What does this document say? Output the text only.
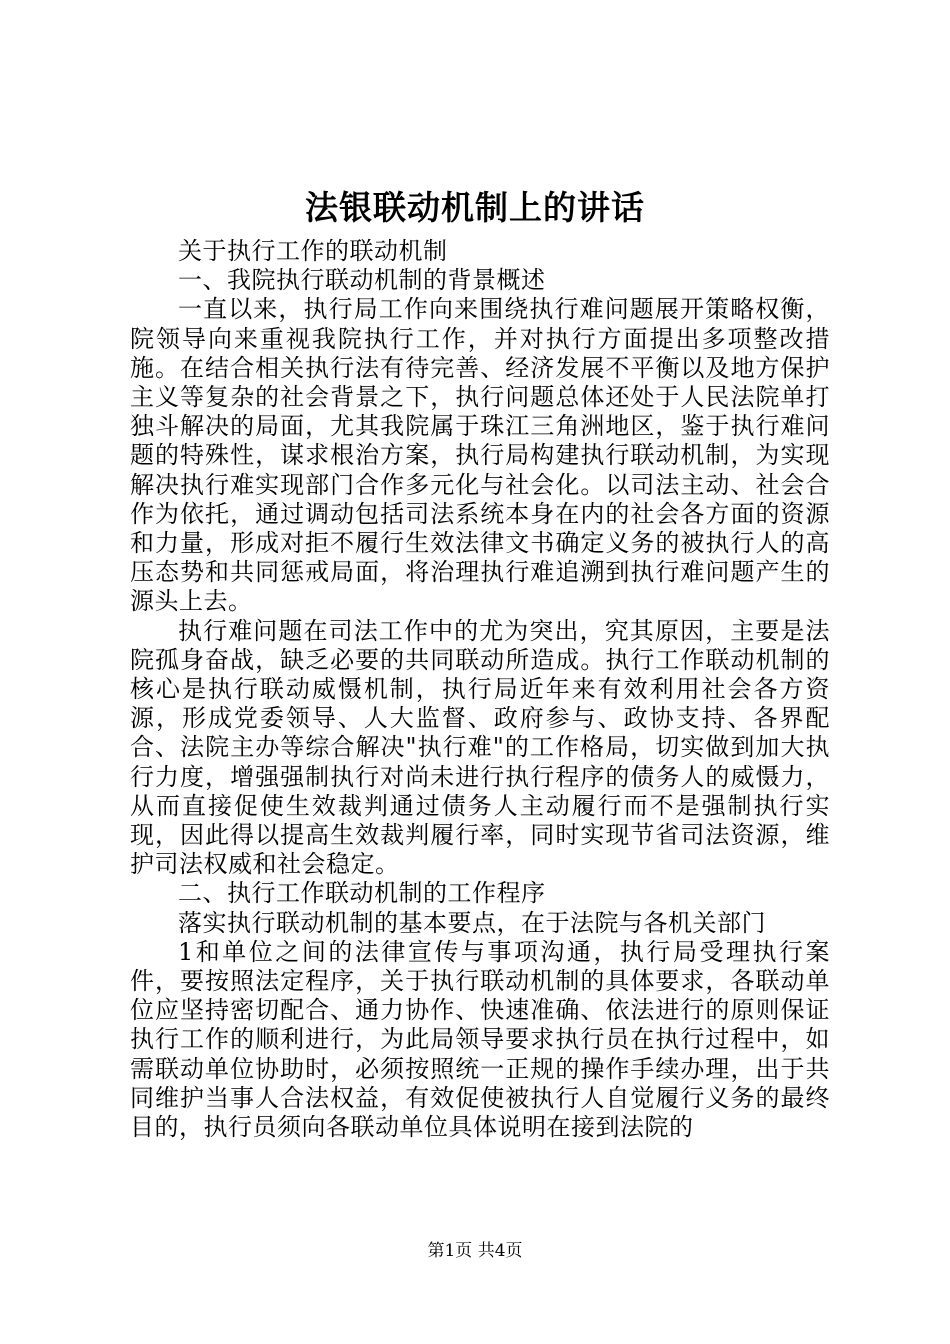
法银联动机制上的讲话

关于执行工作的联动机制

一、我院执行联动机制的背景概述

一直以来，执行局工作向来围绕执行难问题展开策略权衡，院领导向来重视我院执行工作，并对执行方面提出多项整改措施。在结合相关执行法有待完善、经济发展不平衡以及地方保护主义等复杂的社会背景之下，执行问题总体还处于人民法院单打独斗解决的局面，尤其我院属于珠江三角洲地区，鉴于执行难问题的特殊性，谋求根治方案，执行局构建执行联动机制，为实现解决执行难实现部门合作多元化与社会化。以司法主动、社会合作为依托，通过调动包括司法系统本身在内的社会各方面的资源和力量，形成对拒不履行生效法律文书确定义务的被执行人的高压态势和共同惩戒局面，将治理执行难追溯到执行难问题产生的源头上去。

执行难问题在司法工作中的尤为突出，究其原因，主要是法院孤身奋战，缺乏必要的共同联动所造成。执行工作联动机制的核心是执行联动威慑机制，执行局近年来有效利用社会各方资源，形成党委领导、人大监督、政府参与、政协支持、各界配合、法院主办等综合解决"执行难"的工作格局，切实做到加大执行力度，增强强制执行对尚未进行执行程序的债务人的威慑力，从而直接促使生效裁判通过债务人主动履行而不是强制执行实现，因此得以提高生效裁判履行率，同时实现节省司法资源，维护司法权威和社会稳定。

二、执行工作联动机制的工作程序

落实执行联动机制的基本要点，在于法院与各机关部门

1和单位之间的法律宣传与事项沟通，执行局受理执行案件，要按照法定程序，关于执行联动机制的具体要求，各联动单位应坚持密切配合、通力协作、快速准确、依法进行的原则保证执行工作的顺利进行，为此局领导要求执行员在执行过程中，如需联动单位协助时，必须按照统一正规的操作手续办理，出于共同维护当事人合法权益，有效促使被执行人自觉履行义务的最终目的，执行员须向各联动单位具体说明在接到法院的

第1页 共4页
